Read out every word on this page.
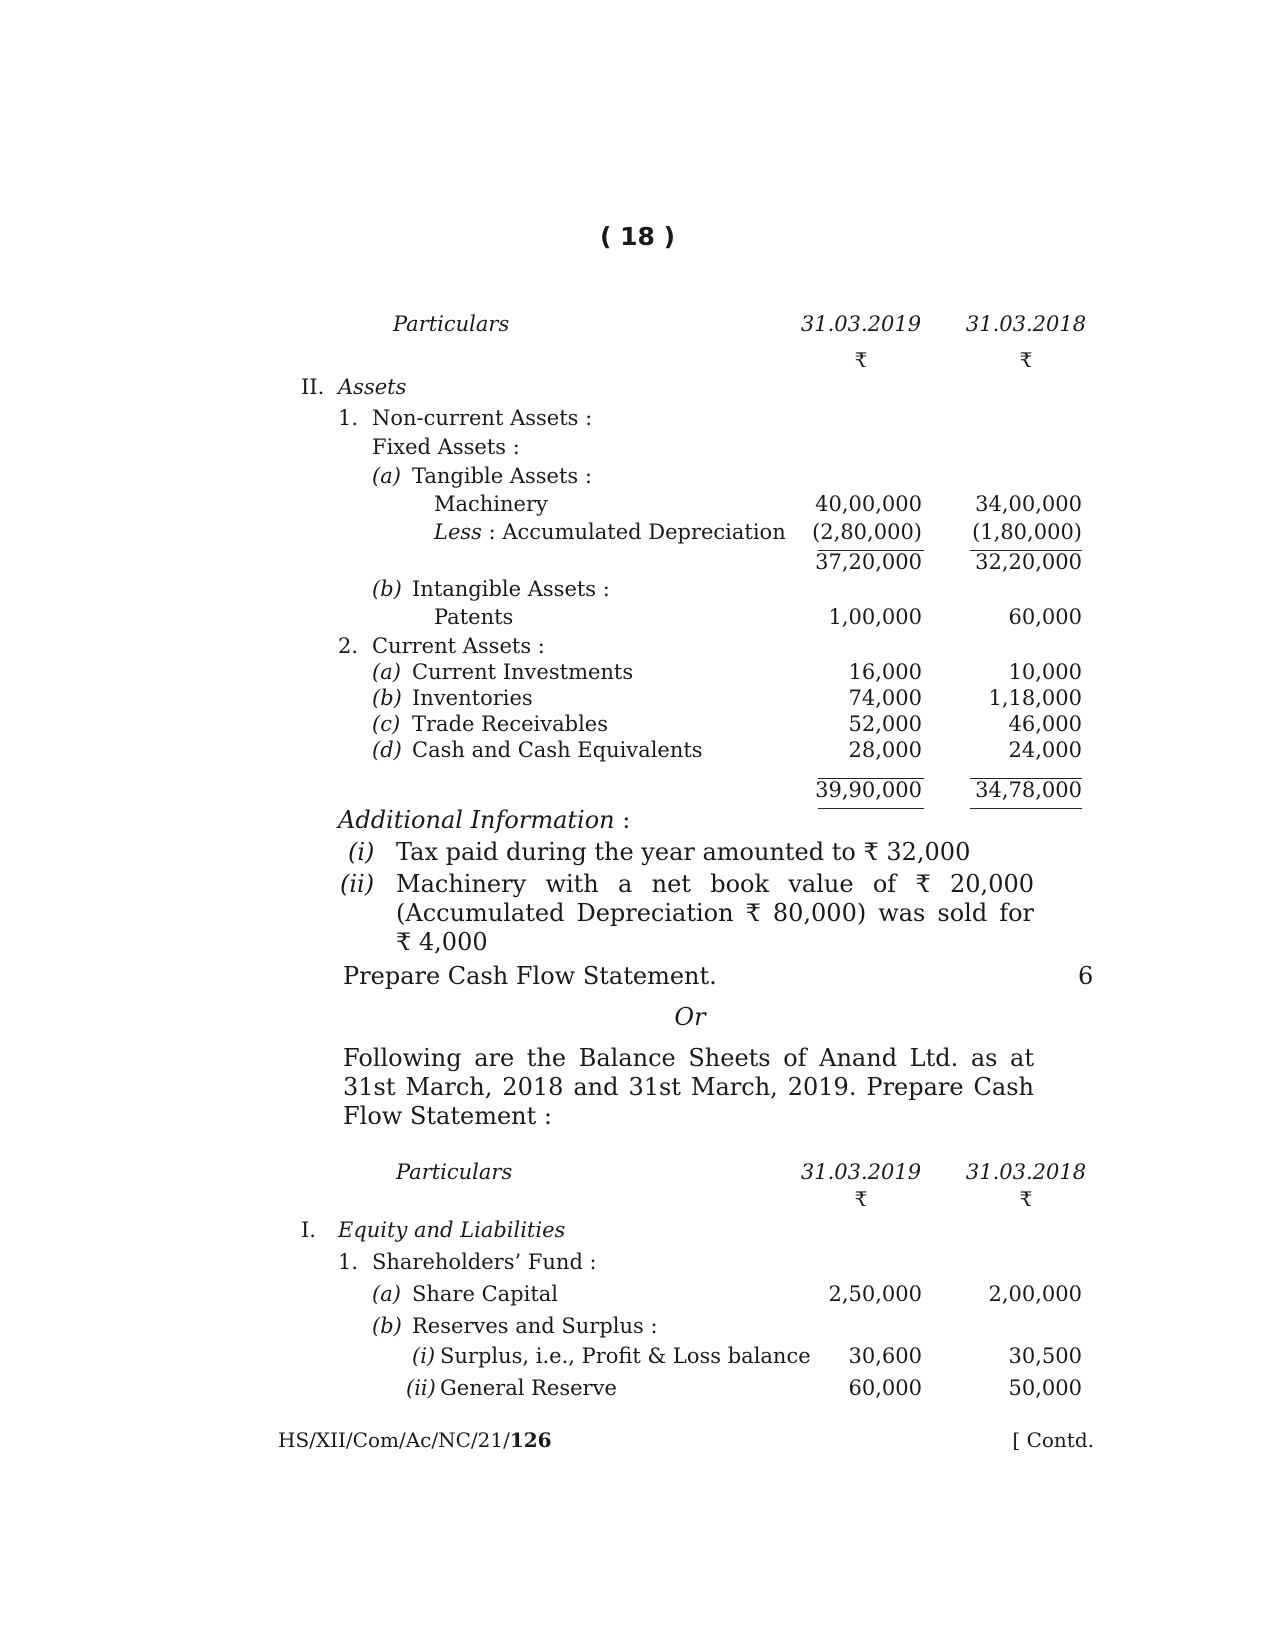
( 18 )
Particulars	31.03.2019	31.03.2018
₹	₹
II. Assets
1. Non-current Assets :
Fixed Assets :
(a) Tangible Assets :
Machinery	40,00,000	34,00,000
Less : Accumulated Depreciation	(2,80,000)	(1,80,000)
37,20,000	32,20,000
(b) Intangible Assets :
Patents	1,00,000	60,000
2. Current Assets :
(a) Current Investments	16,000	10,000
(b) Inventories	74,000	1,18,000
(c) Trade Receivables	52,000	46,000
(d) Cash and Cash Equivalents	28,000	24,000
39,90,000	34,78,000
Additional Information :
(i) Tax paid during the year amounted to ₹ 32,000
(ii) Machinery with a net book value of ₹ 20,000
(Accumulated Depreciation ₹ 80,000) was sold for
₹ 4,000
Prepare Cash Flow Statement.	6
Or
Following are the Balance Sheets of Anand Ltd. as at
31st March, 2018 and 31st March, 2019. Prepare Cash
Flow Statement :
Particulars	31.03.2019	31.03.2018
₹	₹
I. Equity and Liabilities
1. Shareholders’ Fund :
(a) Share Capital	2,50,000	2,00,000
(b) Reserves and Surplus :
(i) Surplus, i.e., Profit & Loss balance	30,600	30,500
(ii) General Reserve	60,000	50,000
HS/XII/Com/Ac/NC/21/126	[ Contd.
